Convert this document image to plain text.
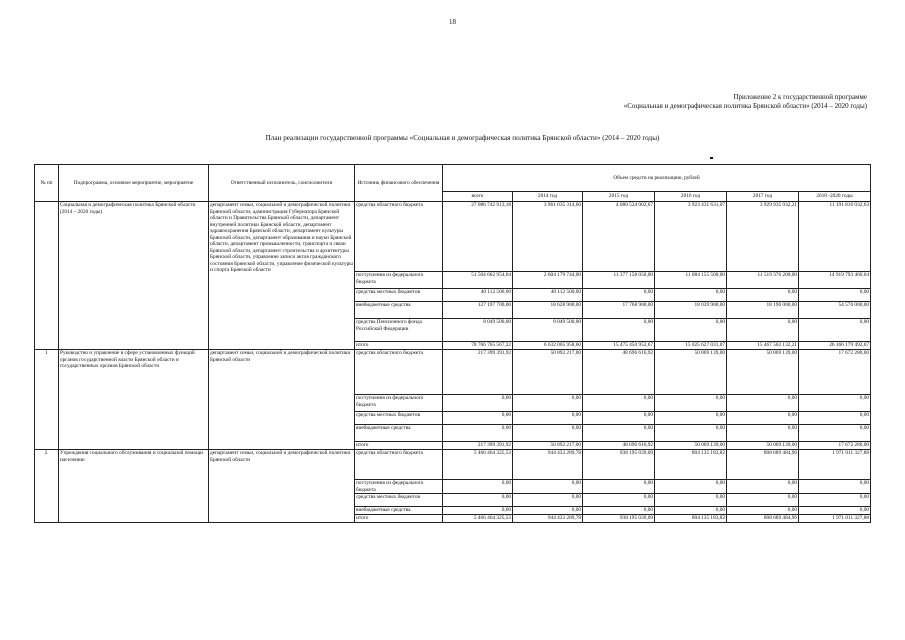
18
Приложение 2 к государственной программе
«Социальная и демографическая политика Брянской области» (2014 – 2020 годы)
План реализации государственной программы «Социальная и демографическая политика Брянской области» (2014 – 2020 годы)
№ пп	Подпрограмма, основное мероприятие, мероприятие	Ответственный исполнитель, соисполнители	Источник финансового обеспечения	Объем средств на реализацию, рублей					
				всего	2014 год	2015 год	2016 год	2017 год	2018 -2020 годы
	Социальная и демографическая политика Брянской области (2014 – 2020 годы)	департамент семьи, социальной и демографической политики Брянской области, администрация Губернатора Брянской области и Правительства Брянской области, департамент внутренней политики Брянской области, департамент здравоохранения Брянской области, департамент культуры Брянской области, департамент образования и науки Брянской области, департамент промышленности, транспорта и связи Брянской области, департамент строительства и архитектуры Брянской области, управление записи актов гражданского состояния Брянской области, управление физической культуры и спорта Брянской области	средства областного бюджета	27 086 742 913,18	3 961 035 314,60	4 080 524 002,67	3 923 431 631,07	3 929 935 932,21	11 191 816 032,63
			поступления из федерального бюджета	51 504 662 954,04	2 604 179 744,00	11 377 158 050,00	11 084 155 500,00	11 519 376 200,00	14 919 793 460,04
			средства местных бюджетов	40 112 500,00	40 112 500,00	0,00	0,00	0,00	0,00
			внебюджетные средства	127 197 700,00	18 628 900,00	17 768 900,00	18 039 900,00	18 190 000,00	54 570 000,00
			средства Пенсионного фонда Российской Федерации	8 049 500,00	8 049 500,00	0,00	0,00	0,00	0,00
			итого	78 766 765 567,22	6 632 005 958,60	15 475 450 952,67	15 025 627 031,07	15 467 502 132,21	26 166 179 492,67
1	Руководство и управление в сфере установленных функций органов государственной власти Брянской области и государственных органов Брянской области	департамент семьи, социальной и демографической политики Брянской области	средства областного бюджета	217 399 391,92	50 892 217,00	48 696 616,92	50 069 139,00	50 069 139,00	17 672 280,00
			поступления из федерального бюджета	0,00	0,00	0,00	0,00	0,00	0,00
			средства местных бюджетов	0,00	0,00	0,00	0,00	0,00	0,00
			внебюджетные средства	0,00	0,00	0,00	0,00	0,00	0,00
			итого	217 399 391,92	50 892 217,00	48 696 616,92	50 069 139,00	50 069 139,00	17 672 280,00
2.	Учреждения социального обслуживания и социальной помощи населению	департамент семьи, социальной и демографической политики Брянской области	средства областного бюджета	5 466 464 325,53	944 433 289,78	938 195 039,09	804 135 183,82	808 689 484,96	1 971 011 327,88
			поступления из федерального бюджета	0,00	0,00	0,00	0,00	0,00	0,00
			средства местных бюджетов	0,00	0,00	0,00	0,00	0,00	0,00
			внебюджетные средства	0,00	0,00	0,00	0,00	0,00	0,00
			итого	5 466 464 325,53	944 433 289,78	938 195 039,09	804 135 183,82	808 689 484,96	1 971 011 327,88
